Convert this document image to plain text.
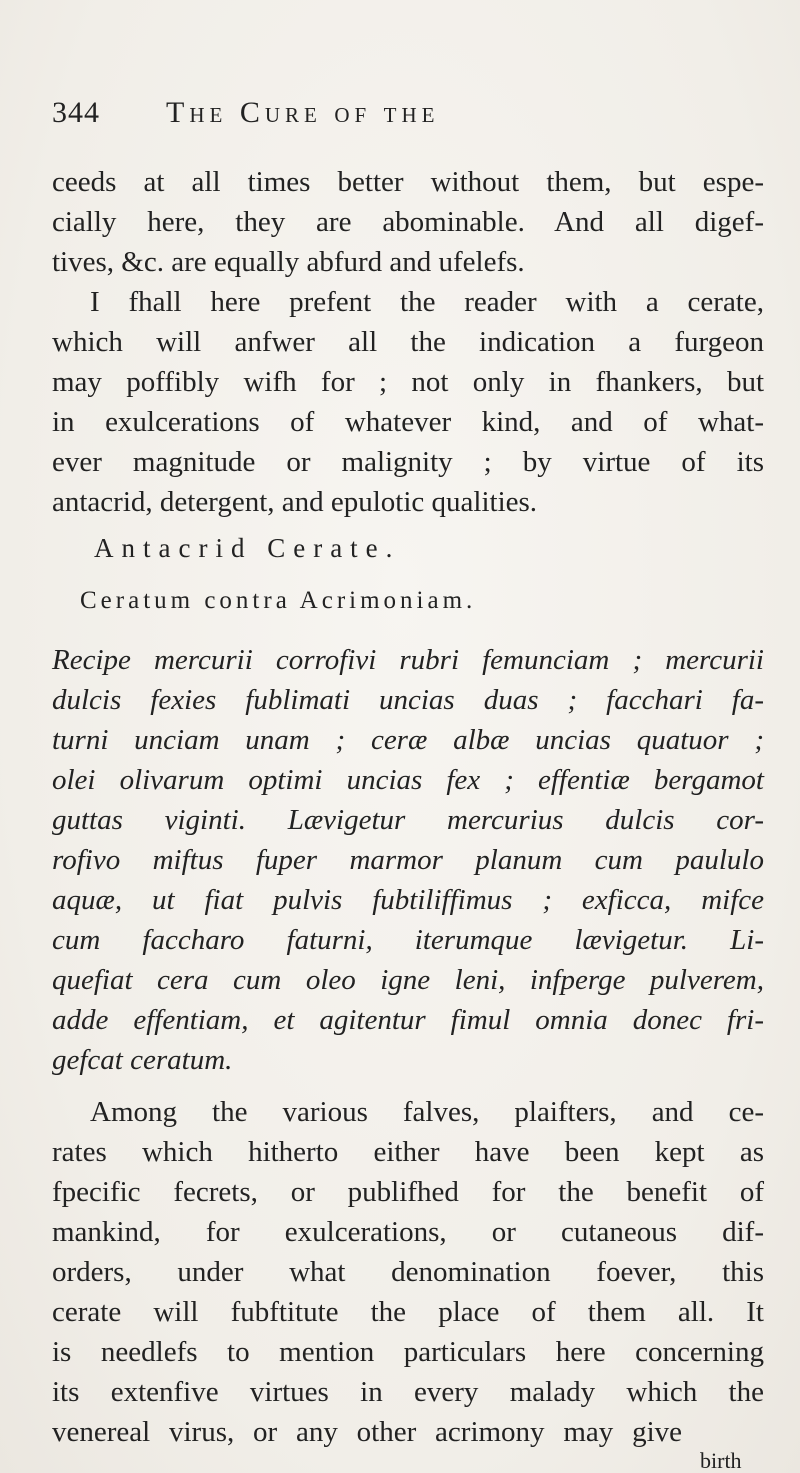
344 The Cure of the
ceeds at all times better without them, but espe-
cially here, they are abominable. And all digef-
tives, &c. are equally abfurd and ufelefs.
I fhall here prefent the reader with a cerate,
which will anfwer all the indication a furgeon
may poffibly wifh for ; not only in fhankers, but
in exulcerations of whatever kind, and of what-
ever magnitude or malignity ; by virtue of its
antacrid, detergent, and epulotic qualities.
Antacrid Cerate.
Ceratum contra Acrimoniam.
Recipe mercurii corrofivi rubri femunciam ; mercurii
dulcis fexies fublimati uncias duas ; facchari fa-
turni unciam unam ; ceræ albæ uncias quatuor ;
olei olivarum optimi uncias fex ; effentiæ bergamot
guttas viginti. Lævigetur mercurius dulcis cor-
rofivo miftus fuper marmor planum cum paululo
aquæ, ut fiat pulvis fubtiliffimus ; exficca, mifce
cum faccharo faturni, iterumque lævigetur. Li-
quefiat cera cum oleo igne leni, infperge pulverem,
adde effentiam, et agitentur fimul omnia donec fri-
gefcat ceratum.
Among the various falves, plaifters, and ce-
rates which hitherto either have been kept as
fpecific fecrets, or publifhed for the benefit of
mankind, for exulcerations, or cutaneous dif-
orders, under what denomination foever, this
cerate will fubftitute the place of them all. It
is needlefs to mention particulars here concerning
its extenfive virtues in every malady which the
venereal virus, or any other acrimony may give
birth
